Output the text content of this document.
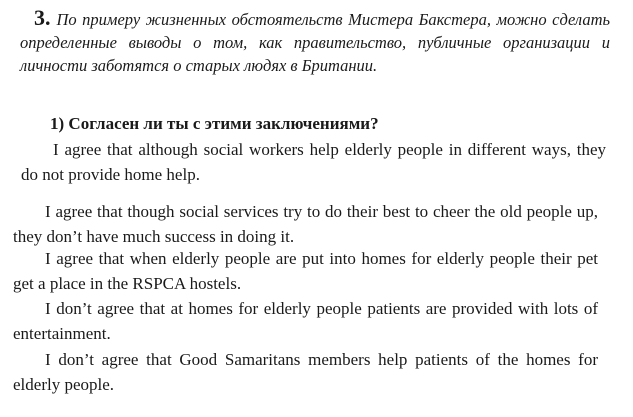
3. По примеру жизненных обстоятельств Мистера Бакстера, можно сделать определенные выводы о том, как правительство, публичные организации и личности заботятся о старых людях в Британии.
1) Согласен ли ты с этими заключениями?

I agree that although social workers help elderly people in different ways, they do not provide home help.

I agree that though social services try to do their best to cheer the old people up, they don’t have much success in doing it.

I agree that when elderly people are put into homes for elderly people their pet get a place in the RSPCA hostels.

I don’t agree that at homes for elderly people patients are provided with lots of entertainment.

I don’t agree that Good Samaritans members help patients of the homes for elderly people.
